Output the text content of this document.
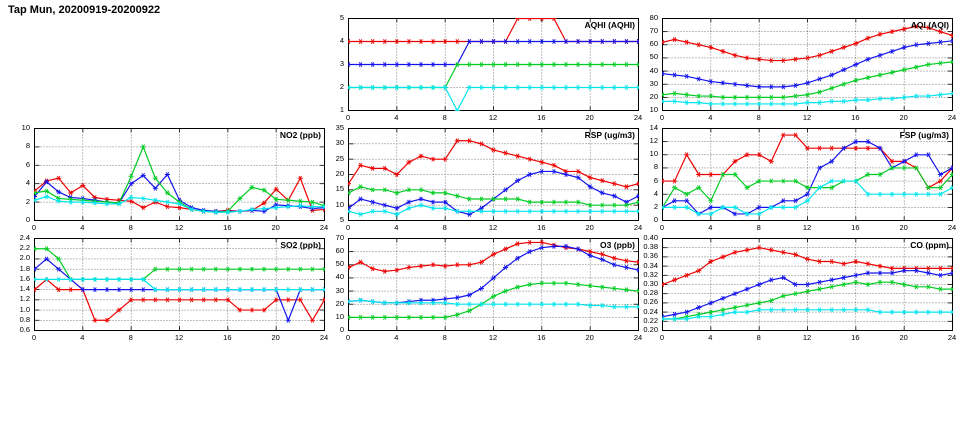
Tap Mun, 20200919-20200922
AQHI (AQHI)
1
2
3
4
5
0	4	8	12	16	20	24
AQI (AQI)
10
20
30
40
50
60
70
80
0	4	8	12	16	20	24
NO2 (ppb)
0
2
4
6
8
10
0	4	8	12	16	20	24
RSP (ug/m3)
5
10
15
20
25
30
35
0	4	8	12	16	20	24
FSP (ug/m3)
0
2
4
6
8
10
12
14
0	4	8	12	16	20	24
SO2 (ppb)
0.6
0.8
1.0
1.2
1.4
1.6
1.8
2.0
2.2
2.4
0	4	8	12	16	20	24
O3 (ppb)
0
10
20
30
40
50
60
70
0	4	8	12	16	20	24
CO (ppm)
0.20
0.22
0.24
0.26
0.28
0.30
0.32
0.34
0.36
0.38
0.40
0	4	8	12	16	20	24
